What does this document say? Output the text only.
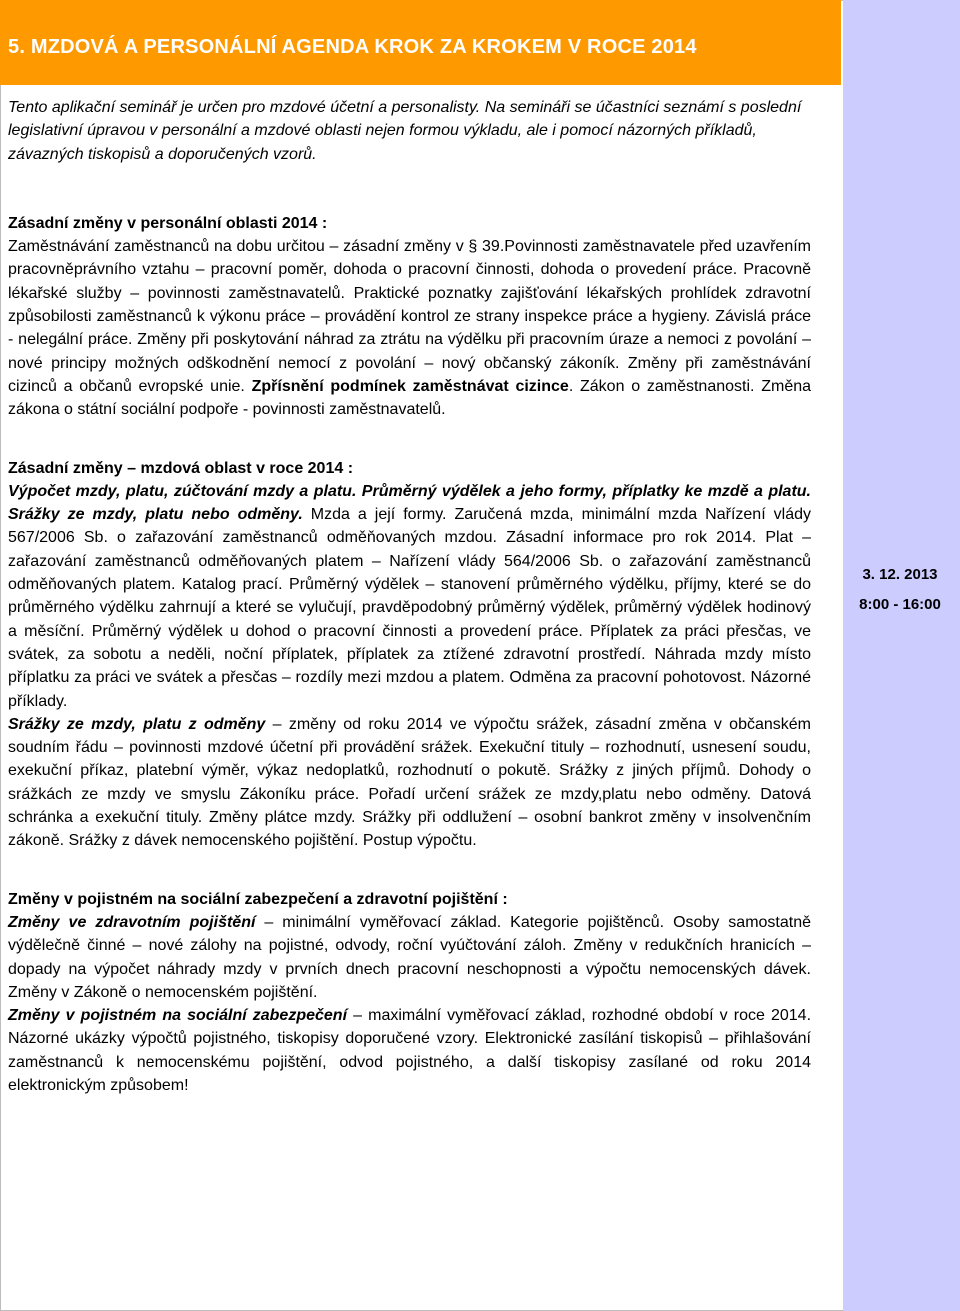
5. MZDOVÁ A PERSONÁLNÍ AGENDA KROK ZA KROKEM V ROCE 2014
3. 12. 2013
8:00 - 16:00

Tento aplikační seminář je určen pro mzdové účetní a personalisty. Na semináři se účastníci seznámí s poslední legislativní úpravou v personální a mzdové oblasti nejen formou výkladu, ale i pomocí názorných příkladů, závazných tiskopisů a doporučených vzorů.

Zásadní změny v personální oblasti 2014 :

Zaměstnávání zaměstnanců na dobu určitou – zásadní změny v § 39.Povinnosti zaměstnavatele před uzavřením pracovněprávního vztahu – pracovní poměr, dohoda o pracovní činnosti, dohoda o provedení práce. Pracovně lékařské služby – povinnosti zaměstnavatelů. Praktické poznatky zajišťování lékařských prohlídek zdravotní způsobilosti zaměstnanců k výkonu práce – provádění kontrol ze strany inspekce práce a hygieny. Závislá práce - nelegální práce. Změny při poskytování náhrad za ztrátu na výdělku při pracovním úraze a nemoci z povolání – nové principy možných odškodnění nemocí z povolání – nový občanský zákoník. Změny při zaměstnávání cizinců a občanů evropské unie. Zpřísnění podmínek zaměstnávat cizince. Zákon o zaměstnanosti. Změna zákona o státní sociální podpoře - povinnosti zaměstnavatelů.

Zásadní změny – mzdová oblast v roce 2014 :

Výpočet mzdy, platu, zúčtování mzdy a platu. Průměrný výdělek a jeho formy, příplatky ke mzdě a platu. Srážky ze mzdy, platu nebo odměny. Mzda a její formy. Zaručená mzda, minimální mzda Nařízení vlády 567/2006 Sb. o zařazování zaměstnanců odměňovaných mzdou. Zásadní informace pro rok 2014. Plat – zařazování zaměstnanců odměňovaných platem – Nařízení vlády 564/2006 Sb. o zařazování zaměstnanců odměňovaných platem. Katalog prací. Průměrný výdělek – stanovení průměrného výdělku, příjmy, které se do průměrného výdělku zahrnují a které se vylučují, pravděpodobný průměrný výdělek, průměrný výdělek hodinový a měsíční. Průměrný výdělek u dohod o pracovní činnosti a provedení práce. Příplatek za práci přesčas, ve svátek, za sobotu a neděli, noční příplatek, příplatek za ztížené zdravotní prostředí. Náhrada mzdy místo příplatku za práci ve svátek a přesčas – rozdíly mezi mzdou a platem. Odměna za pracovní pohotovost. Názorné příklady.

Srážky ze mzdy, platu z odměny – změny od roku 2014 ve výpočtu srážek, zásadní změna v občanském soudním řádu – povinnosti mzdové účetní při provádění srážek. Exekuční tituly – rozhodnutí, usnesení soudu, exekuční příkaz, platební výměr, výkaz nedoplatků, rozhodnutí o pokutě. Srážky z jiných příjmů. Dohody o srážkách ze mzdy ve smyslu Zákoníku práce. Pořadí určení srážek ze mzdy,platu nebo odměny. Datová schránka a exekuční tituly. Změny plátce mzdy. Srážky při oddlužení – osobní bankrot změny v insolvenčním zákoně. Srážky z dávek nemocenského pojištění. Postup výpočtu.

Změny v pojistném na sociální zabezpečení a zdravotní pojištění :

Změny ve zdravotním pojištění – minimální vyměřovací základ. Kategorie pojištěnců. Osoby samostatně výdělečně činné – nové zálohy na pojistné, odvody, roční vyúčtování záloh. Změny v redukčních hranicích – dopady na výpočet náhrady mzdy v prvních dnech pracovní neschopnosti a výpočtu nemocenských dávek. Změny v Zákoně o nemocenském pojištění.

Změny v pojistném na sociální zabezpečení – maximální vyměřovací základ, rozhodné období v roce 2014. Názorné ukázky výpočtů pojistného, tiskopisy doporučené vzory. Elektronické zasílání tiskopisů – přihlašování zaměstnanců k nemocenskému pojištění, odvod pojistného, a další tiskopisy zasílané od roku 2014 elektronickým způsobem!
